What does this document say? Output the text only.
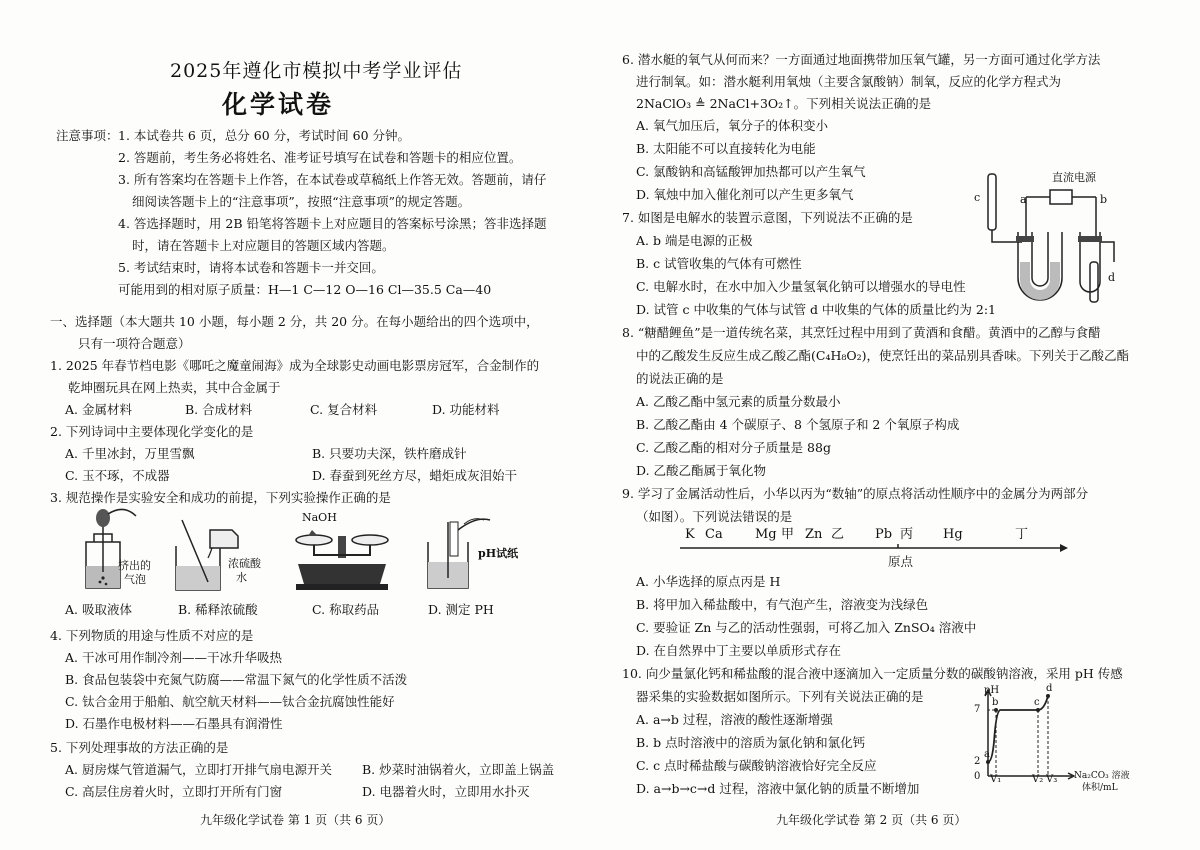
2025年遵化市模拟中考学业评估
化学试卷
注意事项： 1. 本试卷共 6 页，总分 60 分，考试时间 60 分钟。
2. 答题前，考生务必将姓名、准考证号填写在试卷和答题卡的相应位置。
3. 所有答案均在答题卡上作答，在本试卷或草稿纸上作答无效。答题前，请仔
细阅读答题卡上的“注意事项”，按照“注意事项”的规定答题。
4. 答选择题时，用 2B 铅笔将答题卡上对应题目的答案标号涂黑；答非选择题
时，请在答题卡上对应题目的答题区域内答题。
5. 考试结束时，请将本试卷和答题卡一并交回。
可能用到的相对原子质量：H—1 C—12 O—16 Cl—35.5 Ca—40
一、选择题（本大题共 10 小题，每小题 2 分，共 20 分。在每小题给出的四个选项中，
只有一项符合题意）
1. 2025 年春节档电影《哪吒之魔童闹海》成为全球影史动画电影票房冠军，合金制作的
乾坤圈玩具在网上热卖，其中合金属于
A. 金属材料	B. 合成材料	C. 复合材料	D. 功能材料
2. 下列诗词中主要体现化学变化的是
A. 千里冰封，万里雪飘	B. 只要功夫深，铁杵磨成针
C. 玉不琢，不成器	D. 春蚕到死丝方尽，蜡炬成灰泪始干
3. 规范操作是实验安全和成功的前提，下列实验操作正确的是
挤出的
气泡
浓硫酸
水
NaOH
pH试纸
A. 吸取液体	B. 稀释浓硫酸	C. 称取药品	D. 测定 PH
4. 下列物质的用途与性质不对应的是
A. 干冰可用作制冷剂——干冰升华吸热
B. 食品包装袋中充氮气防腐——常温下氮气的化学性质不活泼
C. 钛合金用于船舶、航空航天材料——钛合金抗腐蚀性能好
D. 石墨作电极材料——石墨具有润滑性
5. 下列处理事故的方法正确的是
A. 厨房煤气管道漏气，立即打开排气扇电源开关 B. 炒菜时油锅着火，立即盖上锅盖
C. 高层住房着火时，立即打开所有门窗	D. 电器着火时，立即用水扑灭
九年级化学试卷 第 1 页（共 6 页）
6. 潜水艇的氧气从何而来？一方面通过地面携带加压氧气罐，另一方面可通过化学方法
进行制氧。如：潜水艇利用氧烛（主要含氯酸钠）制氧，反应的化学方程式为
2NaClO₃ ≜ 2NaCl+3O₂↑。下列相关说法正确的是
A. 氧气加压后，氧分子的体积变小
B. 太阳能不可以直接转化为电能
C. 氯酸钠和高锰酸钾加热都可以产生氧气
D. 氧烛中加入催化剂可以产生更多氧气
7. 如图是电解水的装置示意图，下列说法不正确的是
A. b 端是电源的正极
B. c 试管收集的气体有可燃性
C. 电解水时，在水中加入少量氢氧化钠可以增强水的导电性
D. 试管 c 中收集的气体与试管 d 中收集的气体的质量比约为 2:1
直流电源
a	b
c
d
8. “糖醋鲤鱼”是一道传统名菜，其烹饪过程中用到了黄酒和食醋。黄酒中的乙醇与食醋
中的乙酸发生反应生成乙酸乙酯(C₄H₈O₂)，使烹饪出的菜品别具香味。下列关于乙酸乙酯
的说法正确的是
A. 乙酸乙酯中氢元素的质量分数最小
B. 乙酸乙酯由 4 个碳原子、8 个氢原子和 2 个氧原子构成
C. 乙酸乙酯的相对分子质量是 88g
D. 乙酸乙酯属于氧化物
9. 学习了金属活动性后，小华以丙为“数轴”的原点将活动性顺序中的金属分为两部分
（如图）。下列说法错误的是
K Ca Mg 甲 Zn 乙 Pb 丙 Hg	丁
原点
A. 小华选择的原点丙是 H
B. 将甲加入稀盐酸中，有气泡产生，溶液变为浅绿色
C. 要验证 Zn 与乙的活动性强弱，可将乙加入 ZnSO₄ 溶液中
D. 在自然界中丁主要以单质形式存在
10. 向少量氯化钙和稀盐酸的混合液中逐滴加入一定质量分数的碳酸钠溶液，采用 pH 传感
器采集的实验数据如图所示。下列有关说法正确的是
A. a→b 过程，溶液的酸性逐渐增强
B. b 点时溶液中的溶质为氯化钠和氯化钙
C. c 点时稀盐酸与碳酸钠溶液恰好完全反应
D. a→b→c→d 过程，溶液中氯化钠的质量不断增加
pH
7
2
0 V₁	V₂ V₃
a
b	c
d
Na₂CO₃ 溶液
体积/mL
九年级化学试卷 第 2 页（共 6 页）
